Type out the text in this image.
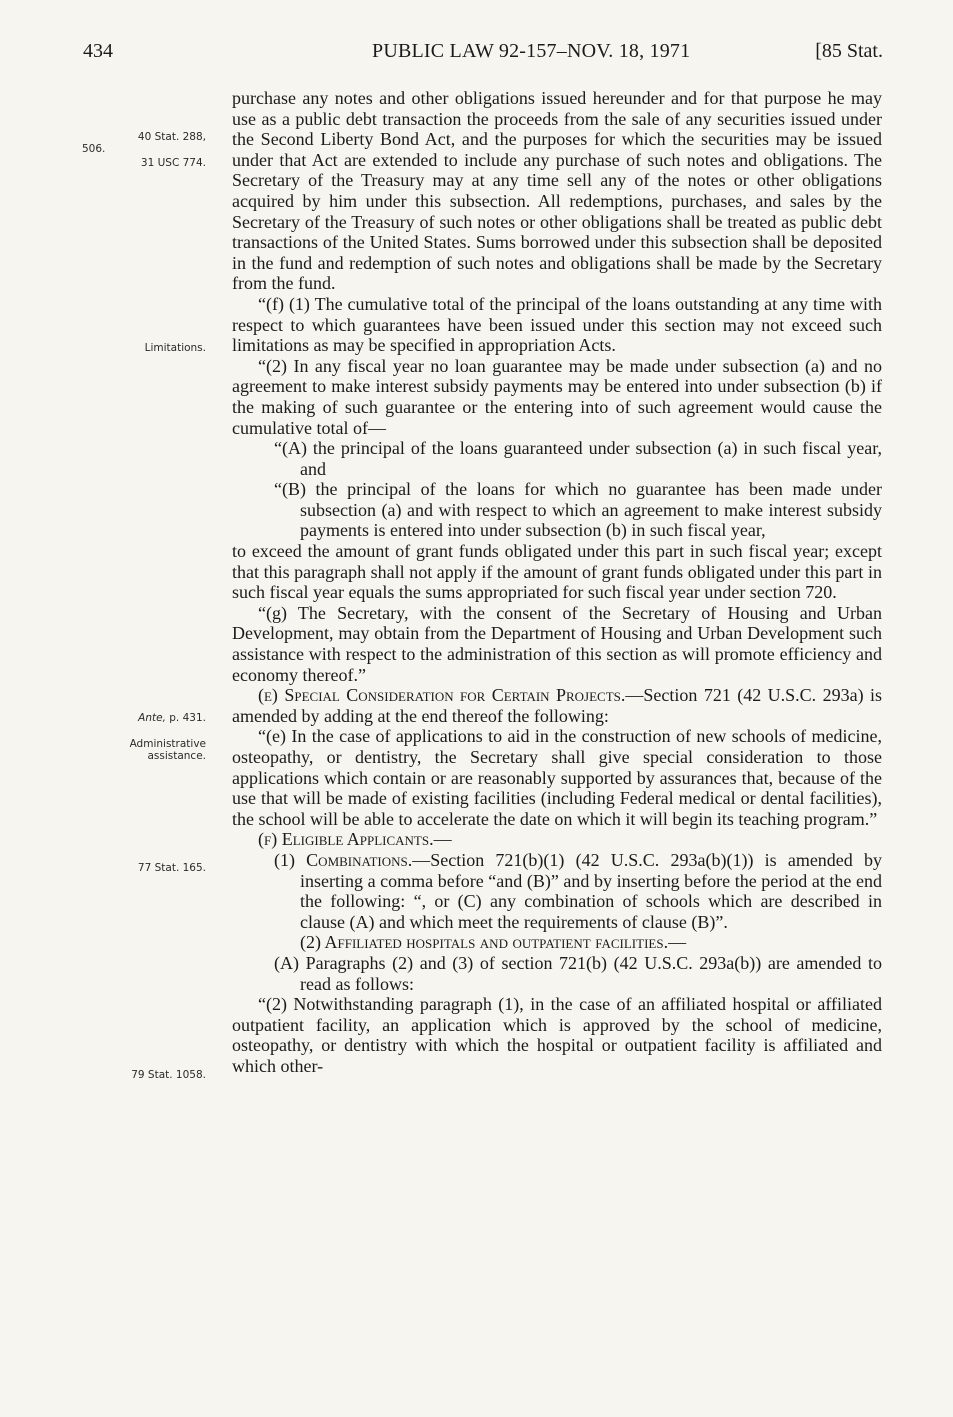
434	PUBLIC LAW 92-157–NOV. 18, 1971	[85 Stat.
40 Stat. 288,
506.
31 USC 774.
Limitations.
Ante, p. 431.
Administrative
assistance.
77 Stat. 165.
79 Stat. 1058.

purchase any notes and other obligations issued hereunder and for that purpose he may use as a public debt transaction the proceeds from the sale of any securities issued under the Second Liberty Bond Act, and the purposes for which the securities may be issued under that Act are extended to include any purchase of such notes and obligations. The Secretary of the Treasury may at any time sell any of the notes or other obligations acquired by him under this subsection. All redemptions, purchases, and sales by the Secretary of the Treasury of such notes or other obligations shall be treated as public debt transactions of the United States. Sums borrowed under this subsection shall be deposited in the fund and redemption of such notes and obligations shall be made by the Secretary from the fund.

“(f) (1) The cumulative total of the principal of the loans outstanding at any time with respect to which guarantees have been issued under this section may not exceed such limitations as may be specified in appropriation Acts.

“(2) In any fiscal year no loan guarantee may be made under subsection (a) and no agreement to make interest subsidy payments may be entered into under subsection (b) if the making of such guarantee or the entering into of such agreement would cause the cumulative total of—

“(A) the principal of the loans guaranteed under subsection (a) in such fiscal year, and

“(B) the principal of the loans for which no guarantee has been made under subsection (a) and with respect to which an agreement to make interest subsidy payments is entered into under subsection (b) in such fiscal year,

to exceed the amount of grant funds obligated under this part in such fiscal year; except that this paragraph shall not apply if the amount of grant funds obligated under this part in such fiscal year equals the sums appropriated for such fiscal year under section 720.

“(g) The Secretary, with the consent of the Secretary of Housing and Urban Development, may obtain from the Department of Housing and Urban Development such assistance with respect to the administration of this section as will promote efficiency and economy thereof.”

(e) Special Consideration for Certain Projects.—Section 721 (42 U.S.C. 293a) is amended by adding at the end thereof the following:

“(e) In the case of applications to aid in the construction of new schools of medicine, osteopathy, or dentistry, the Secretary shall give special consideration to those applications which contain or are reasonably supported by assurances that, because of the use that will be made of existing facilities (including Federal medical or dental facilities), the school will be able to accelerate the date on which it will begin its teaching program.”

(f) Eligible Applicants.—

(1) Combinations.—Section 721(b)(1) (42 U.S.C. 293a(b)(1)) is amended by inserting a comma before “and (B)” and by inserting before the period at the end the following: “, or (C) any combination of schools which are described in clause (A) and which meet the requirements of clause (B)”.

(2) Affiliated hospitals and outpatient facilities.—

(A) Paragraphs (2) and (3) of section 721(b) (42 U.S.C. 293a(b)) are amended to read as follows:

“(2) Notwithstanding paragraph (1), in the case of an affiliated hospital or affiliated outpatient facility, an application which is approved by the school of medicine, osteopathy, or dentistry with which the hospital or outpatient facility is affiliated and which other-
